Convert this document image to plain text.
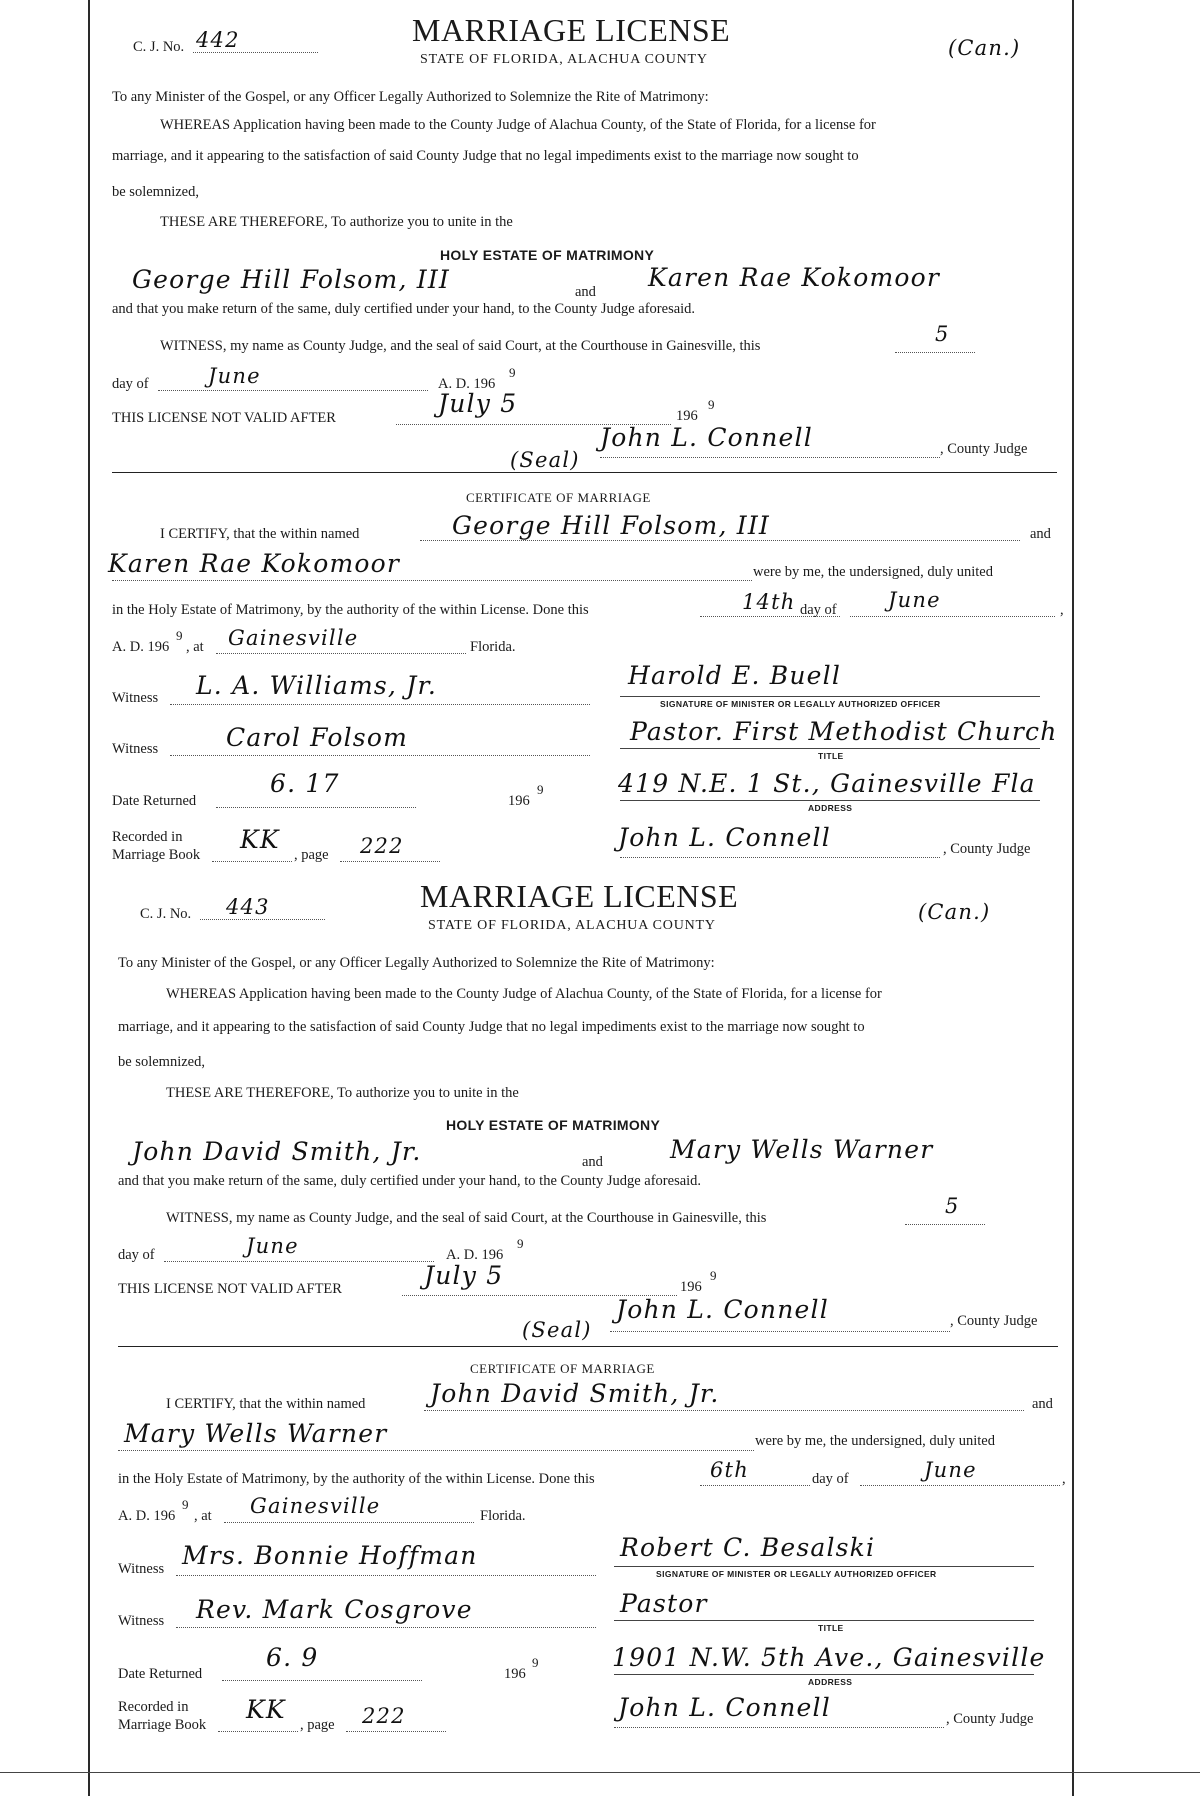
C. J. No. 442	MARRIAGE LICENSE
STATE OF FLORIDA, ALACHUA COUNTY	(Can.)
To any Minister of the Gospel, or any Officer Legally Authorized to Solemnize the Rite of Matrimony:
WHEREAS Application having been made to the County Judge of Alachua County, of the State of Florida, for a license for
marriage, and it appearing to the satisfaction of said County Judge that no legal impediments exist to the marriage now sought to
be solemnized,
THESE ARE THEREFORE, To authorize you to unite in the
HOLY ESTATE OF MATRIMONY
George Hill Folsom, III	and Karen Rae Kokomoor
and that you make return of the same, duly certified under your hand, to the County Judge aforesaid.
WITNESS, my name as County Judge, and the seal of said Court, at the Courthouse in Gainesville, this	5
day of	June	A. D. 196
9
THIS LICENSE NOT VALID AFTER	July 5	196
9
(Seal)
John L. Connell	, County Judge
CERTIFICATE OF MARRIAGE
I CERTIFY, that the within named	George Hill Folsom, III	and
Karen Rae Kokomoor	were by me, the undersigned, duly united
in the Holy Estate of Matrimony, by the authority of the within License. Done this	14th day of June	,
A. D. 196
9
, at Gainesville	Florida.
Witness L. A. Williams, Jr.	Harold E. Buell
SIGNATURE OF MINISTER OR LEGALLY AUTHORIZED OFFICER
Witness	Carol Folsom	Pastor. First Methodist Church
TITLE
Date Returned
6. 17
196
9	419 N.E. 1 St., Gainesville Fla
ADDRESS
Recorded in
Marriage Book
KK
, page 222	John L. Connell	, County Judge
C. J. No. 443	MARRIAGE LICENSE
STATE OF FLORIDA, ALACHUA COUNTY
(Can.)
To any Minister of the Gospel, or any Officer Legally Authorized to Solemnize the Rite of Matrimony:
WHEREAS Application having been made to the County Judge of Alachua County, of the State of Florida, for a license for
marriage, and it appearing to the satisfaction of said County Judge that no legal impediments exist to the marriage now sought to
be solemnized,
THESE ARE THEREFORE, To authorize you to unite in the
HOLY ESTATE OF MATRIMONY
John David Smith, Jr.	and	Mary Wells Warner
and that you make return of the same, duly certified under your hand, to the County Judge aforesaid.
WITNESS, my name as County Judge, and the seal of said Court, at the Courthouse in Gainesville, this	5
day of	June	A. D. 196
9
THIS LICENSE NOT VALID AFTER	July 5	196
9
(Seal)
John L. Connell	, County Judge
CERTIFICATE OF MARRIAGE
I CERTIFY, that the within named	John David Smith, Jr.	and
Mary Wells Warner	were by me, the undersigned, duly united
in the Holy Estate of Matrimony, by the authority of the within License. Done this	6th	day of	June	,
A. D. 196
9
, at Gainesville	Florida.
Witness Mrs. Bonnie Hoffman	Robert C. Besalski
SIGNATURE OF MINISTER OR LEGALLY AUTHORIZED OFFICER
Witness Rev. Mark Cosgrove	Pastor
TITLE
Date Returned
6. 9
196
9	1901 N.W. 5th Ave., Gainesville
ADDRESS
Recorded in
Marriage Book
KK
, page 222	John L. Connell	, County Judge
